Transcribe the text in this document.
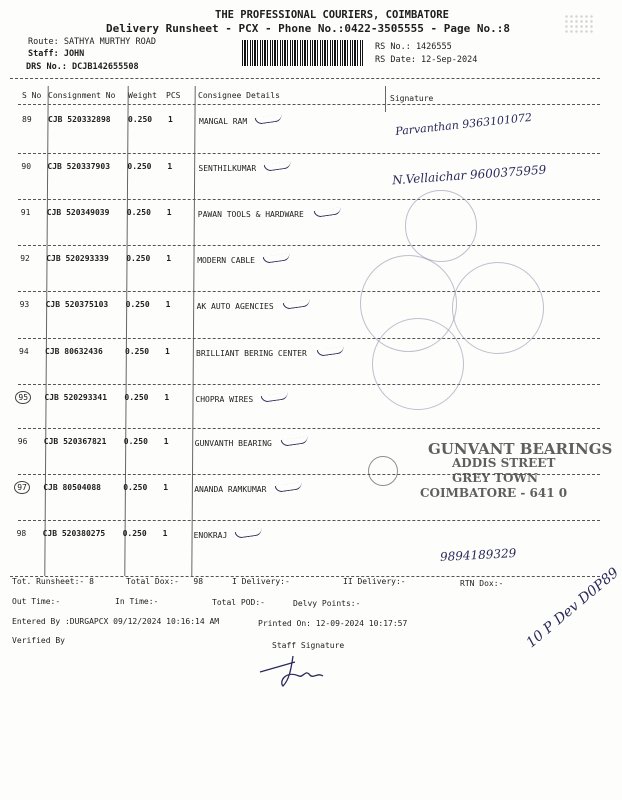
THE PROFESSIONAL COURIERS, COIMBATORE
Delivery Runsheet - PCX - Phone No.:0422-3505555 - Page No.:8
Route: SATHYA MURTHY ROAD
Staff: JOHN
DRS No.: DCJB142655508
RS No.: 1426555
RS Date: 12-Sep-2024
S No Consignment No Weight PCS Consignee Details	Signature
89 CJB 520332898 0.250 1	MANGAL RAM
90 CJB 520337903 0.250 1	SENTHILKUMAR
91 CJB 520349039 0.250 1	PAWAN TOOLS & HARDWARE
92 CJB 520293339 0.250 1	MODERN CABLE
93 CJB 520375103 0.250 1	AK AUTO AGENCIES
94 CJB 80632436	0.250 1	BRILLIANT BERING CENTER
95	CJB 520293341 0.250 1	CHOPRA WIRES
96 CJB 520367821 0.250 1	GUNVANTH BEARING
97	CJB 80504088	0.250 1	ANANDA RAMKUMAR
98 CJB 520380275 0.250 1	ENOKRAJ
Parvanthan 9363101072
N.Vellaichar 9600375959
9894189329
10 P Dev D0P89
GUNVANT BEARINGS
ADDIS STREET
GREY TOWN
COIMBATORE - 641 0
Tot. Runsheet:- 8	Total Dox:-   98	I Delivery:-	II Delivery:-	RTN Dox:-
Out Time:-	In Time:-	Total POD:-	Delvy Points:-
Entered By :DURGAPCX 09/12/2024 10:16:14 AM	Printed On: 12-09-2024 10:17:57
Verified By
Staff Signature
